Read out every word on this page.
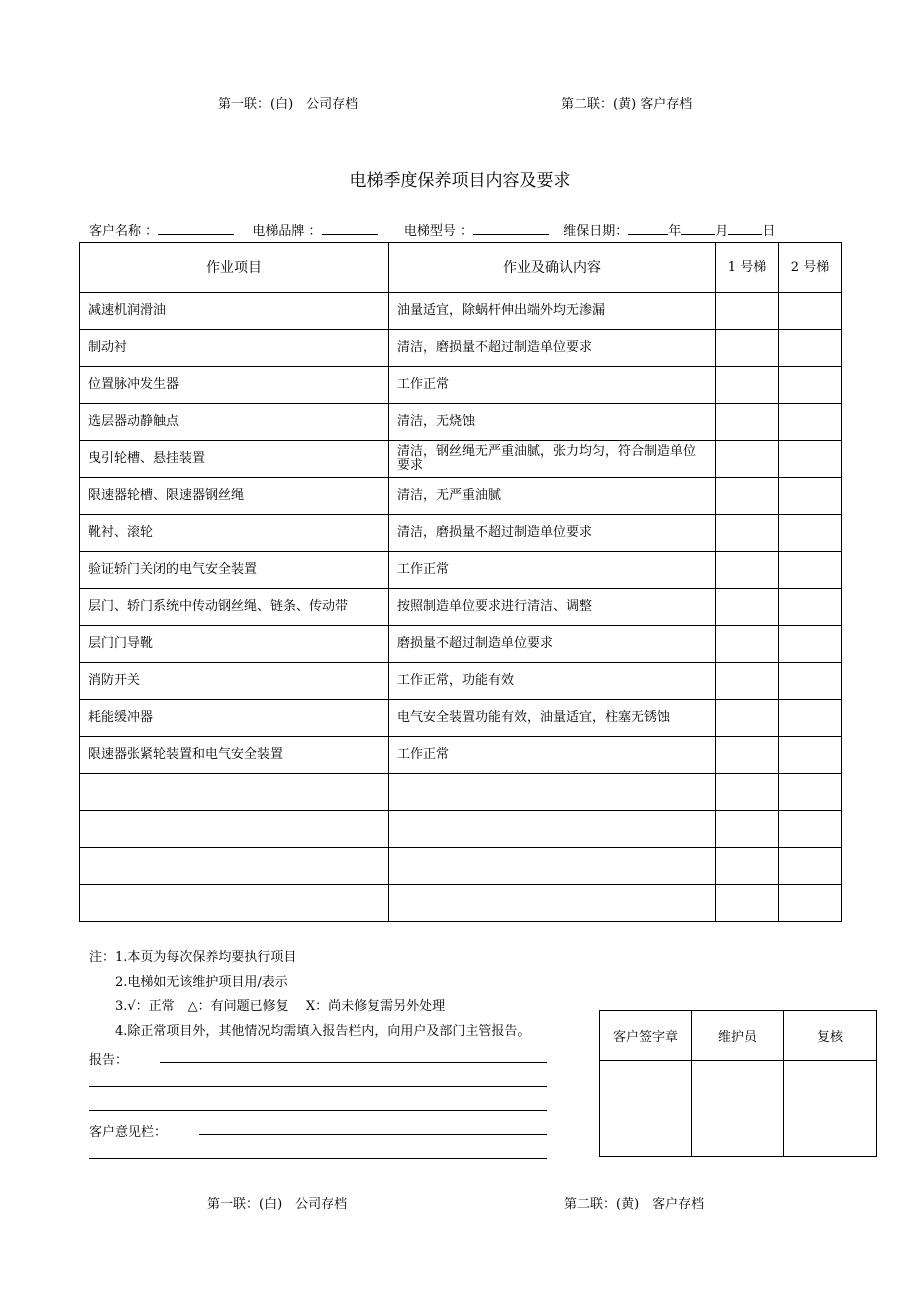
第一联：(白)　公司存档	第二联：(黄) 客户存档
电梯季度保养项目内容及要求
客户名称 ：	电梯品牌 ：	电梯型号 ：	维保日期：	年	月	日
作业项目	作业及确认内容	1 号梯	2 号梯
减速机润滑油	油量适宜，除蜗杆伸出端外均无渗漏		
制动衬	清洁，磨损量不超过制造单位要求		
位置脉冲发生器	工作正常		
选层器动静触点	清洁，无烧蚀		
曳引轮槽、悬挂装置	清洁，钢丝绳无严重油腻，张力均匀，符合制造单位要求		
限速器轮槽、限速器钢丝绳	清洁，无严重油腻		
靴衬、滚轮	清洁，磨损量不超过制造单位要求		
验证轿门关闭的电气安全装置	工作正常		
层门、轿门系统中传动钢丝绳、链条、传动带	按照制造单位要求进行清洁、调整		
层门门导靴	磨损量不超过制造单位要求		
消防开关	工作正常，功能有效		
耗能缓冲器	电气安全装置功能有效，油量适宜，柱塞无锈蚀		
限速器张紧轮装置和电气安全装置	工作正常		

注：1.本页为每次保养均要执行项目
2.电梯如无该维护项目用/表示
3.√：正常　△：有问题已修复　 X：尚未修复需另外处理
4.除正常项目外，其他情况均需填入报告栏内，向用户及部门主管报告。
报告：
客户意见栏：
客户签字章	维护员	复核

第一联：(白)　公司存档	第二联：(黄)　客户存档
